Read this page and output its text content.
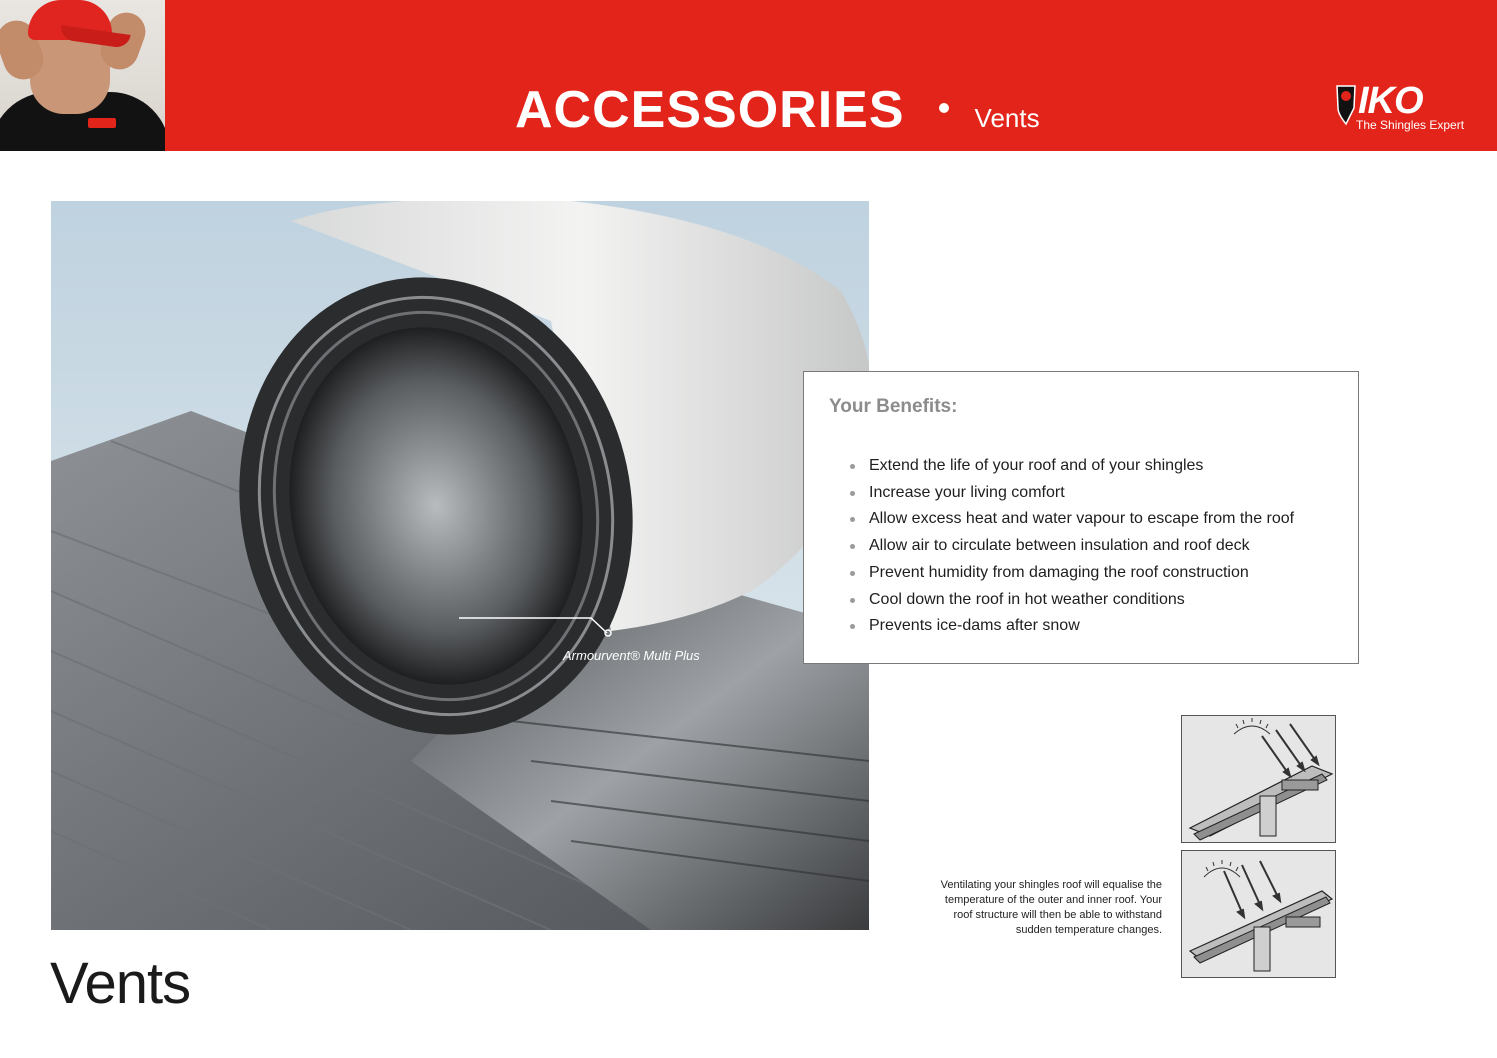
ACCESSORIES	Vents	IKO
The Shingles Expert
Armourvent® Multi Plus
Your Benefits:
Extend the life of your roof and of your shingles
Increase your living comfort
Allow excess heat and water vapour to escape from the roof
Allow air to circulate between insulation and roof deck
Prevent humidity from damaging the roof construction
Cool down the roof in hot weather conditions
Prevents ice-dams after snow
Ventilating your shingles roof will equalise the temperature of the outer and inner roof. Your roof structure will then be able to withstand sudden temperature changes.
Vents
